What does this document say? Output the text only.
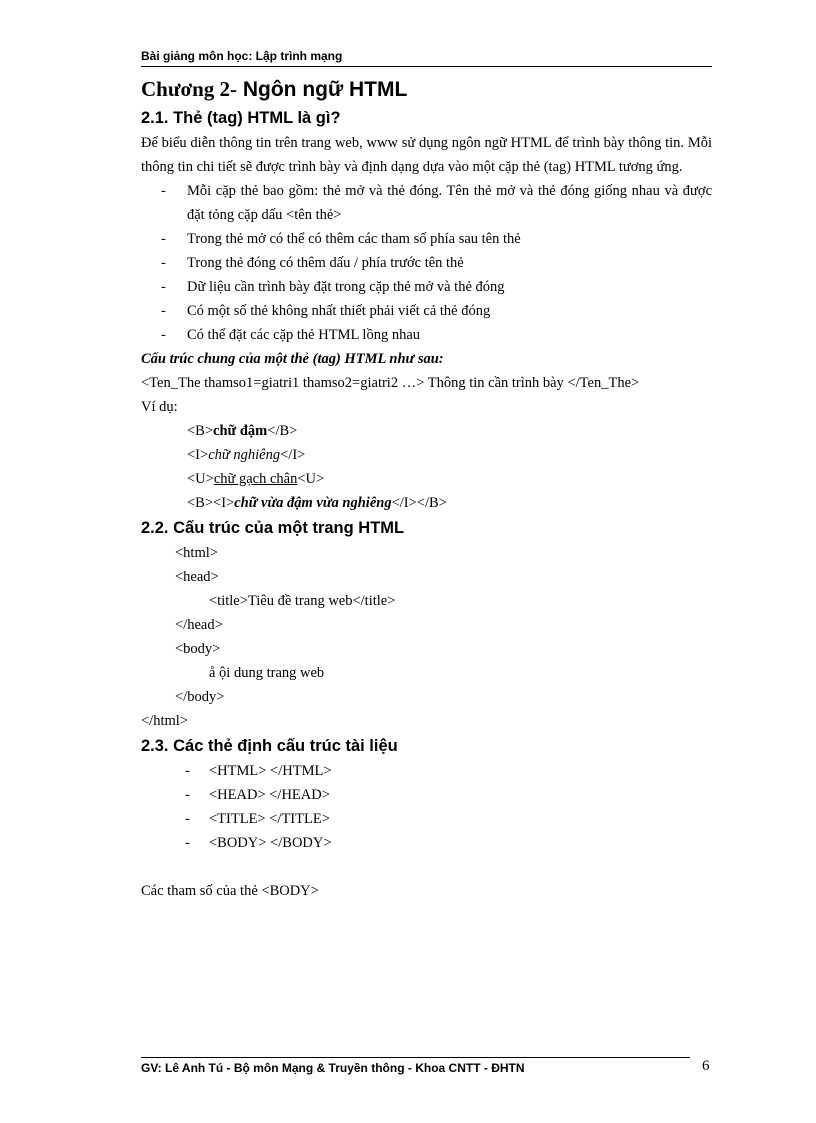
Bài giảng môn học: Lập trình mạng
Chương 2- Ngôn ngữ HTML
2.1. Thẻ (tag) HTML là gì?

Để biểu diễn thông tin trên trang web, www sử dụng ngôn ngữ HTML để trình bày thông tin. Mỗi thông tin chi tiết sẽ được trình bày và định dạng dựa vào một cặp thẻ (tag) HTML tương ứng.

- Mỗi cặp thẻ bao gồm: thẻ mở và thẻ đóng. Tên thẻ mở và thẻ đóng giống nhau và được đặt tỏng cặp dấu <tên thẻ>
- Trong thẻ mở có thể có thêm các tham số phía sau tên thẻ
- Trong thẻ đóng có thêm dấu / phía trước tên thẻ
- Dữ liệu cần trình bày đặt trong cặp thẻ mở và thẻ đóng
- Có một số thẻ không nhất thiết phải viết cả thẻ đóng
- Có thể đặt các cặp thẻ HTML lồng nhau

Cấu trúc chung của một thẻ (tag) HTML như sau:

<Ten_The thamso1=giatri1 thamso2=giatri2 …> Thông tin cần trình bày </Ten_The>

Ví dụ:

<B>chữ đậm</B>

<I>chữ nghiêng</I>

<U>chữ gạch chân<U>

<B><I>chữ vừa đậm vừa nghiêng</I></B>

2.2. Cấu trúc của một trang HTML

<html>

<head>

<title>Tiêu đề trang web</title>

</head>

<body>

å ội dung trang web

</body>

</html>

2.3. Các thẻ định cấu trúc tài liệu
- <HTML> </HTML>
- <HEAD> </HEAD>
- <TITLE> </TITLE>
- <BODY> </BODY>

Các tham số của thẻ <BODY>

GV: Lê Anh Tú - Bộ môn Mạng & Truyền thông - Khoa CNTT - ĐHTN	6
